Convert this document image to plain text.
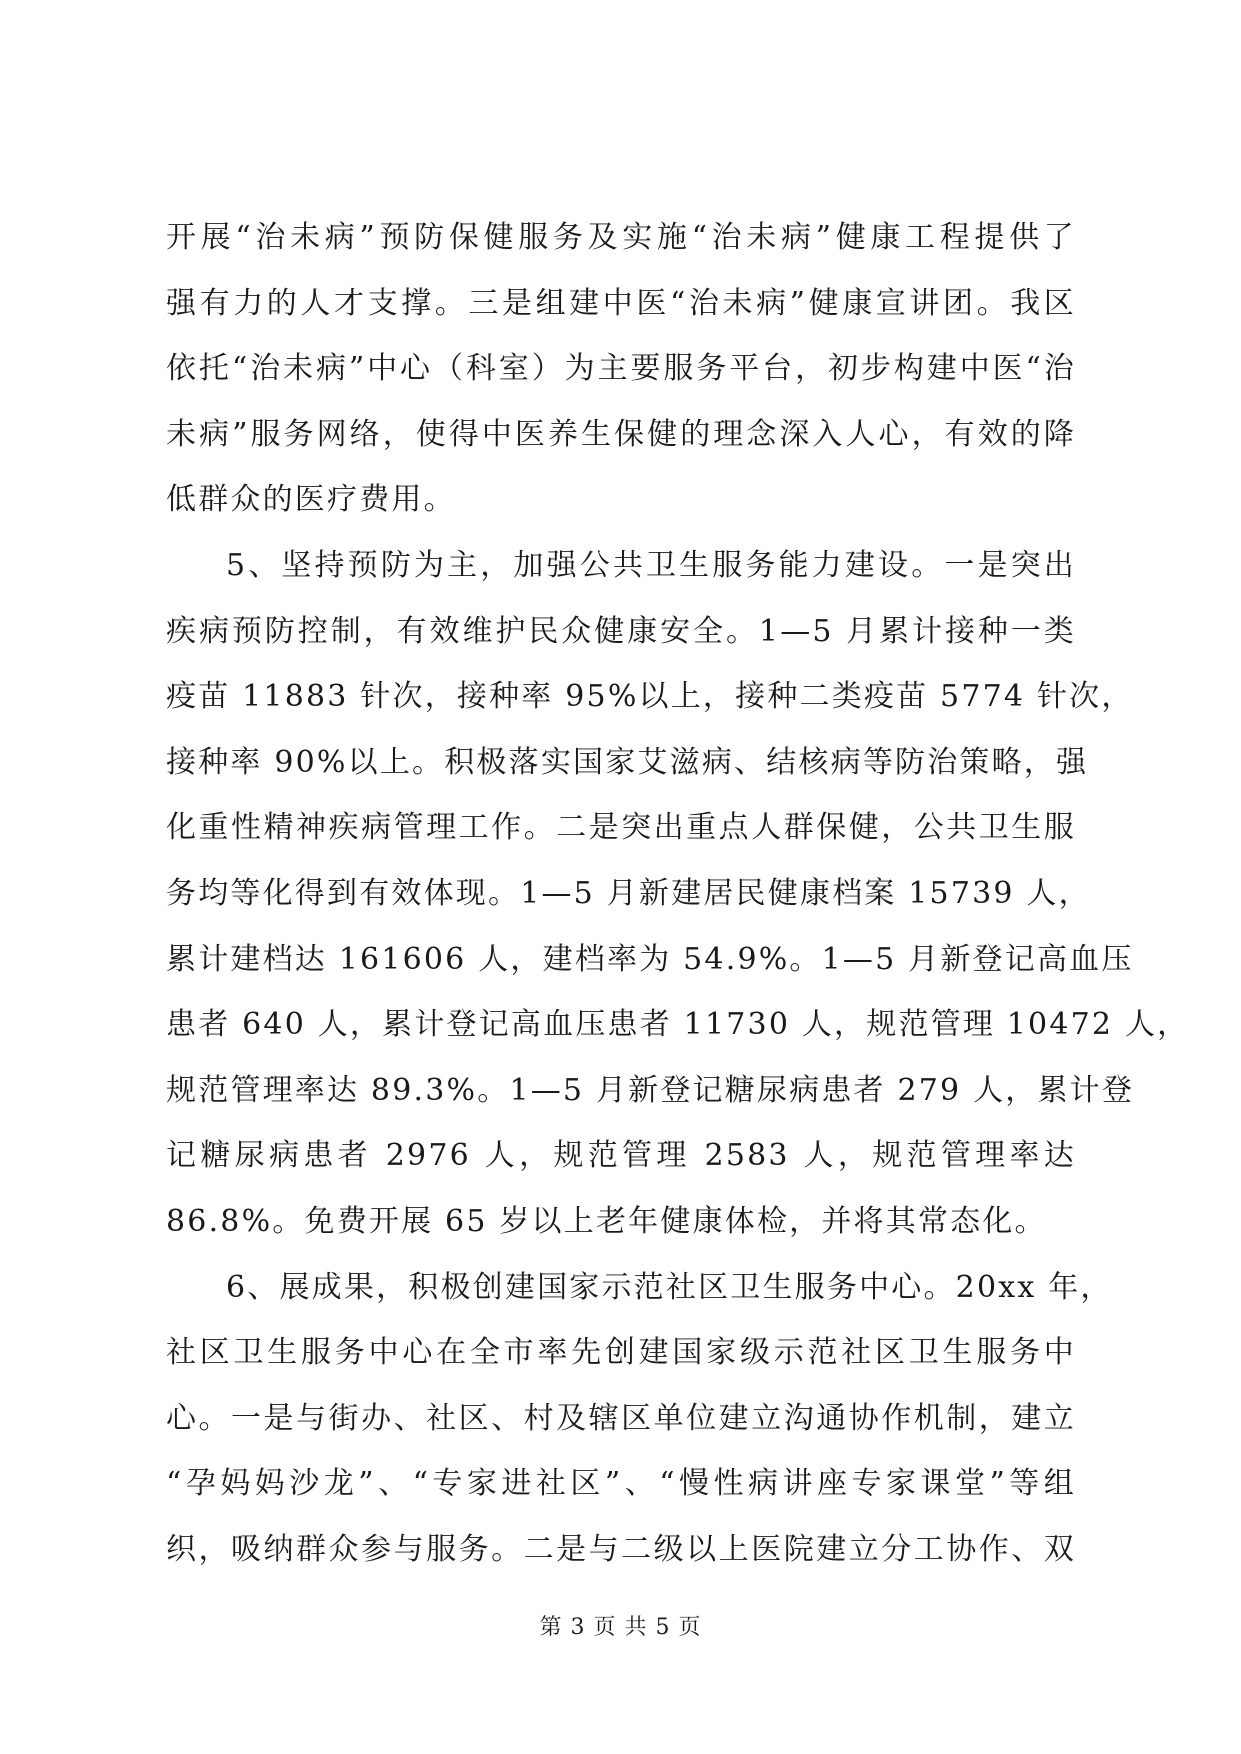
开展“治未病”预防保健服务及实施“治未病”健康工程提供了
强有力的人才支撑。三是组建中医“治未病”健康宣讲团。我区
依托“治未病”中心（科室）为主要服务平台，初步构建中医“治
未病”服务网络，使得中医养生保健的理念深入人心，有效的降
低群众的医疗费用。
5、坚持预防为主，加强公共卫生服务能力建设。一是突出
疾病预防控制，有效维护民众健康安全。1—5 月累计接种一类
疫苗 11883 针次，接种率 95%以上，接种二类疫苗 5774 针次，
接种率 90%以上。积极落实国家艾滋病、结核病等防治策略，强
化重性精神疾病管理工作。二是突出重点人群保健，公共卫生服
务均等化得到有效体现。1—5 月新建居民健康档案 15739 人，
累计建档达 161606 人，建档率为 54.9%。1—5 月新登记高血压
患者 640 人，累计登记高血压患者 11730 人，规范管理 10472 人，
规范管理率达 89.3%。1—5 月新登记糖尿病患者 279 人，累计登
记糖尿病患者 2976 人，规范管理 2583 人，规范管理率达
86.8%。免费开展 65 岁以上老年健康体检，并将其常态化。
6、展成果，积极创建国家示范社区卫生服务中心。20xx 年，
社区卫生服务中心在全市率先创建国家级示范社区卫生服务中
心。一是与街办、社区、村及辖区单位建立沟通协作机制，建立
“孕妈妈沙龙”、“专家进社区”、“慢性病讲座专家课堂”等组
织，吸纳群众参与服务。二是与二级以上医院建立分工协作、双
第 3 页 共 5 页
